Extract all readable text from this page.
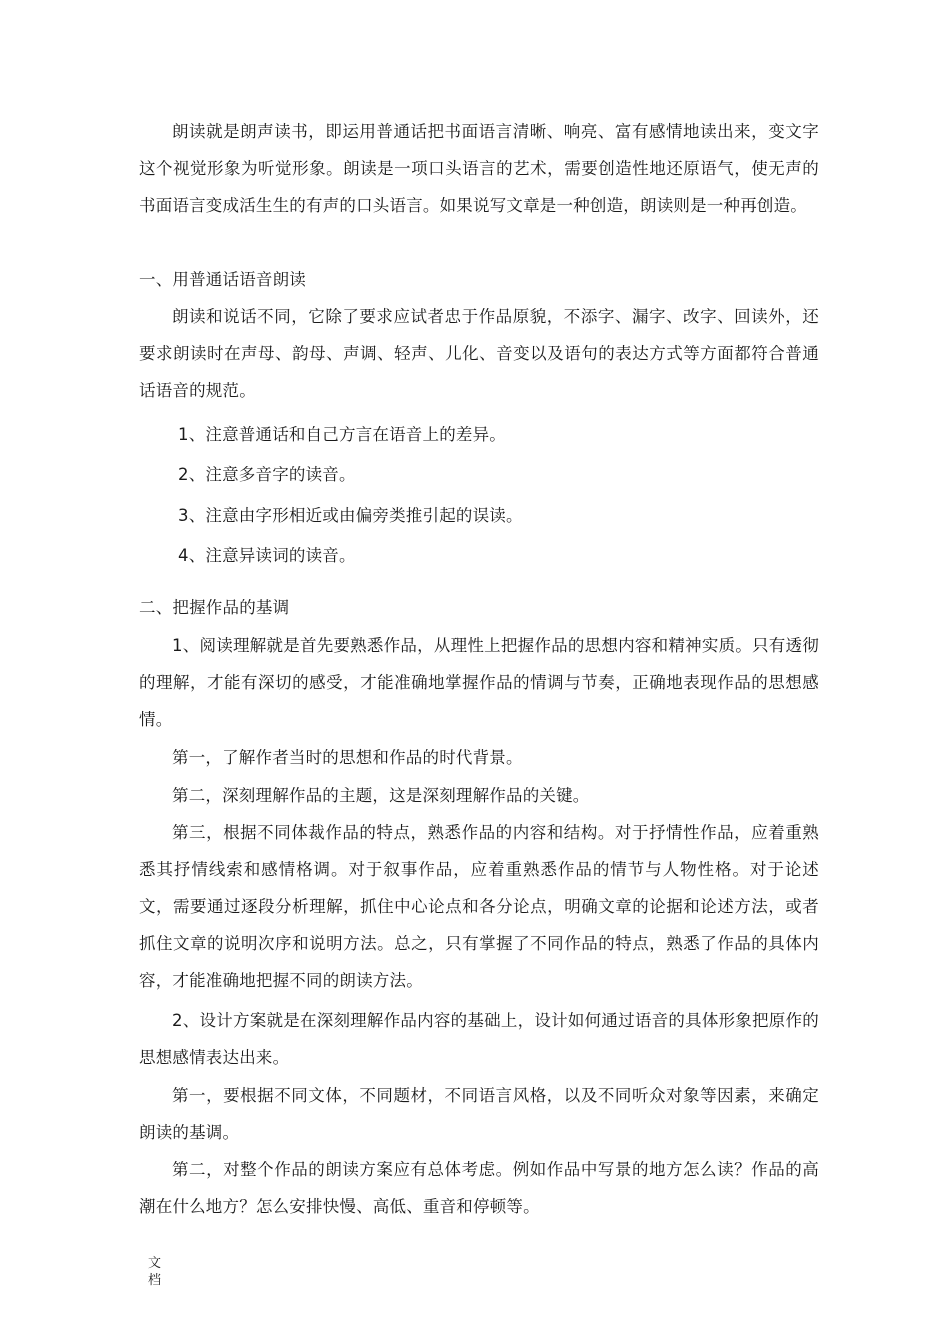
朗读就是朗声读书，即运用普通话把书面语言清晰、响亮、富有感情地读出来，变文字这个视觉形象为听觉形象。朗读是一项口头语言的艺术，需要创造性地还原语气，使无声的书面语言变成活生生的有声的口头语言。如果说写文章是一种创造，朗读则是一种再创造。

一、用普通话语音朗读

朗读和说话不同，它除了要求应试者忠于作品原貌，不添字、漏字、改字、回读外，还要求朗读时在声母、韵母、声调、轻声、儿化、音变以及语句的表达方式等方面都符合普通话语音的规范。

1、注意普通话和自己方言在语音上的差异。

2、注意多音字的读音。

3、注意由字形相近或由偏旁类推引起的误读。

4、注意异读词的读音。

二、把握作品的基调

1、阅读理解就是首先要熟悉作品，从理性上把握作品的思想内容和精神实质。只有透彻的理解，才能有深切的感受，才能准确地掌握作品的情调与节奏，正确地表现作品的思想感情。

第一，了解作者当时的思想和作品的时代背景。

第二，深刻理解作品的主题，这是深刻理解作品的关键。

第三，根据不同体裁作品的特点，熟悉作品的内容和结构。对于抒情性作品，应着重熟悉其抒情线索和感情格调。对于叙事作品，应着重熟悉作品的情节与人物性格。对于论述文，需要通过逐段分析理解，抓住中心论点和各分论点，明确文章的论据和论述方法，或者抓住文章的说明次序和说明方法。总之，只有掌握了不同作品的特点，熟悉了作品的具体内容，才能准确地把握不同的朗读方法。

2、设计方案就是在深刻理解作品内容的基础上，设计如何通过语音的具体形象把原作的思想感情表达出来。

第一，要根据不同文体，不同题材，不同语言风格，以及不同听众对象等因素，来确定朗读的基调。

第二，对整个作品的朗读方案应有总体考虑。例如作品中写景的地方怎么读？作品的高潮在什么地方？怎么安排快慢、高低、重音和停顿等。

文档
